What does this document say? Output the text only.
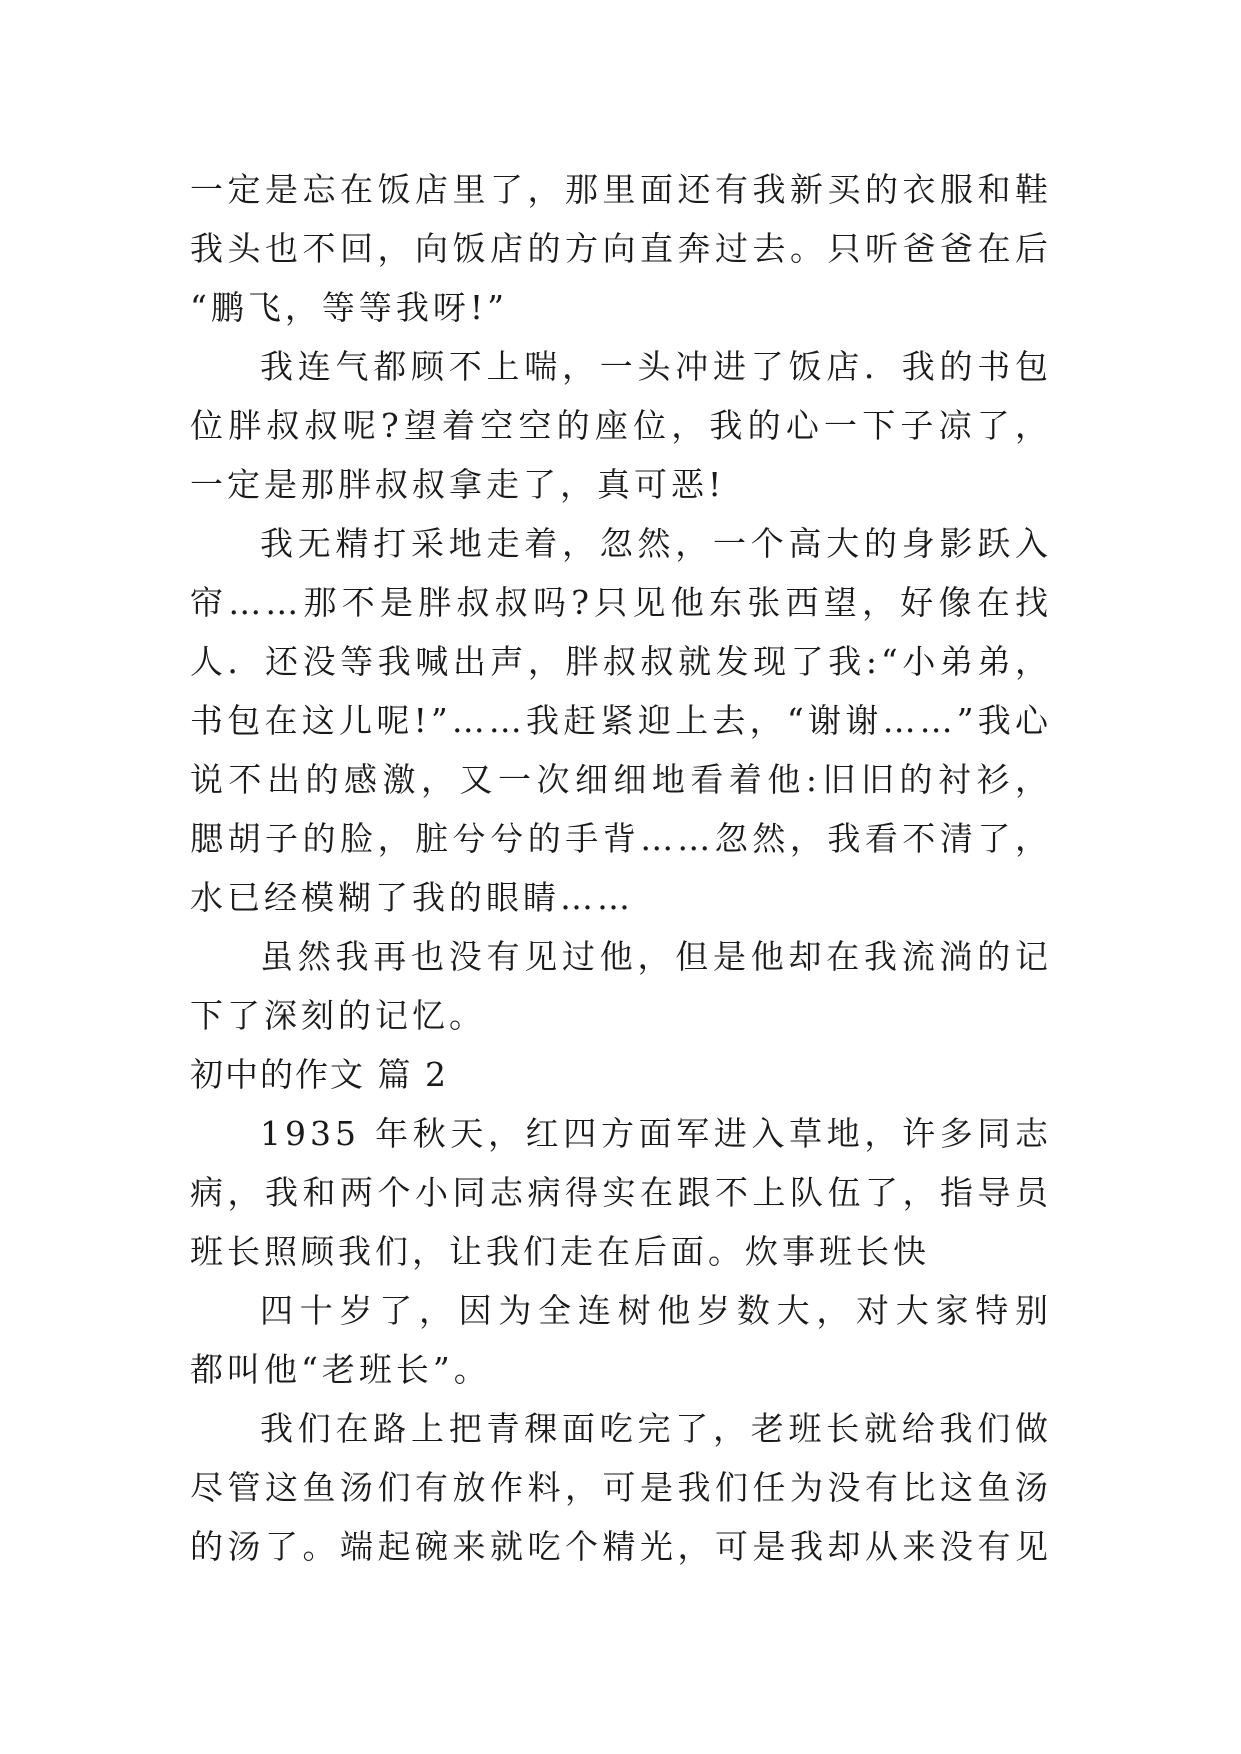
一定是忘在饭店里了，那里面还有我新买的衣服和鞋
我头也不回，向饭店的方向直奔过去。只听爸爸在后
“鹏飞，等等我呀!”
我连气都顾不上喘，一头冲进了饭店．我的书包
位胖叔叔呢?望着空空的座位，我的心一下子凉了，
一定是那胖叔叔拿走了，真可恶!
我无精打采地走着，忽然，一个高大的身影跃入
帘……那不是胖叔叔吗?只见他东张西望，好像在找
人．还没等我喊出声，胖叔叔就发现了我:“小弟弟，
书包在这儿呢!”……我赶紧迎上去，“谢谢……”我心
说不出的感激，又一次细细地看着他:旧旧的衬衫，
腮胡子的脸，脏兮兮的手背……忽然，我看不清了，
水已经模糊了我的眼睛……
虽然我再也没有见过他，但是他却在我流淌的记
下了深刻的记忆。
初中的作文 篇 2
1935 年秋天，红四方面军进入草地，许多同志
病，我和两个小同志病得实在跟不上队伍了，指导员
班长照顾我们，让我们走在后面。炊事班长快
四十岁了，因为全连树他岁数大，对大家特别
都叫他“老班长”。
我们在路上把青稞面吃完了，老班长就给我们做
尽管这鱼汤们有放作料，可是我们任为没有比这鱼汤
的汤了。端起碗来就吃个精光，可是我却从来没有见
